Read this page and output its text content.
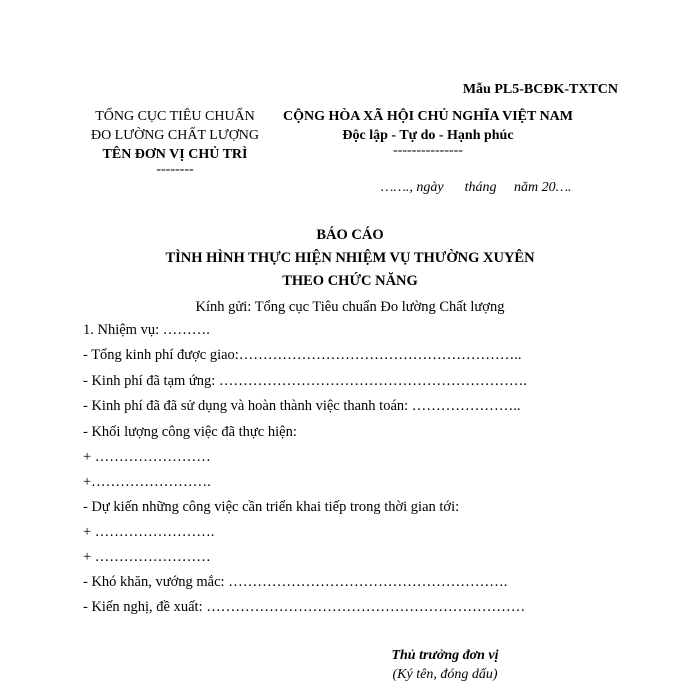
Mẫu PL5-BCĐK-TXTCN
TỔNG CỤC TIÊU CHUẨN
ĐO LƯỜNG CHẤT LƯỢNG
TÊN ĐƠN VỊ CHỦ TRÌ
--------
CỘNG HÒA XÃ HỘI CHỦ NGHĨA VIỆT NAM
Độc lập - Tự do - Hạnh phúc
---------------
……., ngày      tháng     năm 20….
BÁO CÁO
TÌNH HÌNH THỰC HIỆN NHIỆM VỤ THƯỜNG XUYÊN
THEO CHỨC NĂNG
Kính gửi: Tổng cục Tiêu chuẩn Đo lường Chất lượng
1. Nhiệm vụ: ……….
- Tổng kinh phí được giao:…………………………………………………..
- Kinh phí đã tạm ứng: ……………………………………………………….
- Kinh phí đã đã sử dụng và hoàn thành việc thanh toán: …………………..
- Khối lượng công việc đã thực hiện:
+ ……………………
+…………………….
- Dự kiến những công việc cần triển khai tiếp trong thời gian tới:
+ …………………….
+ ……………………
- Khó khăn, vướng mắc: ………………………………………………….
- Kiến nghị, đề xuất: …………………………………………………………
Thủ trưởng đơn vị
(Ký tên, đóng dấu)
